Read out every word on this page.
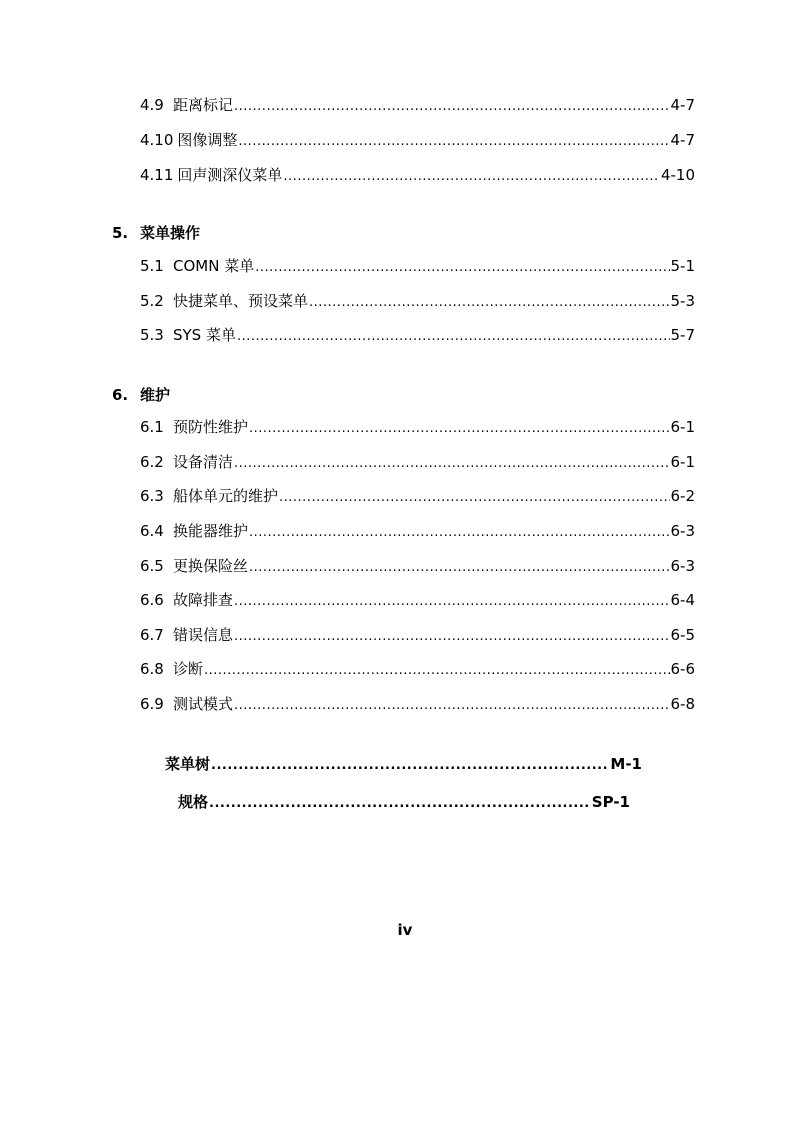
4.9 距离标记 .....	4-7
4.10 图像调整 .....	4-7
4.11 回声测深仪菜单 .....	4-10
5. 菜单操作
5.1 COMN 菜单 .....	5-1
5.2 快捷菜单、预设菜单 .....	5-3
5.3 SYS 菜单 .....	5-7
6. 维护
6.1 预防性维护 .....	6-1
6.2 设备清洁 .....	6-1
6.3 船体单元的维护 .....	6-2
6.4 换能器维护 .....	6-3
6.5 更换保险丝 .....	6-3
6.6 故障排查 .....	6-4
6.7 错误信息 .....	6-5
6.8 诊断 .....	6-6
6.9 测试模式 .....	6-8
菜单树 .....	M-1
规格 .....	SP-1
iv
